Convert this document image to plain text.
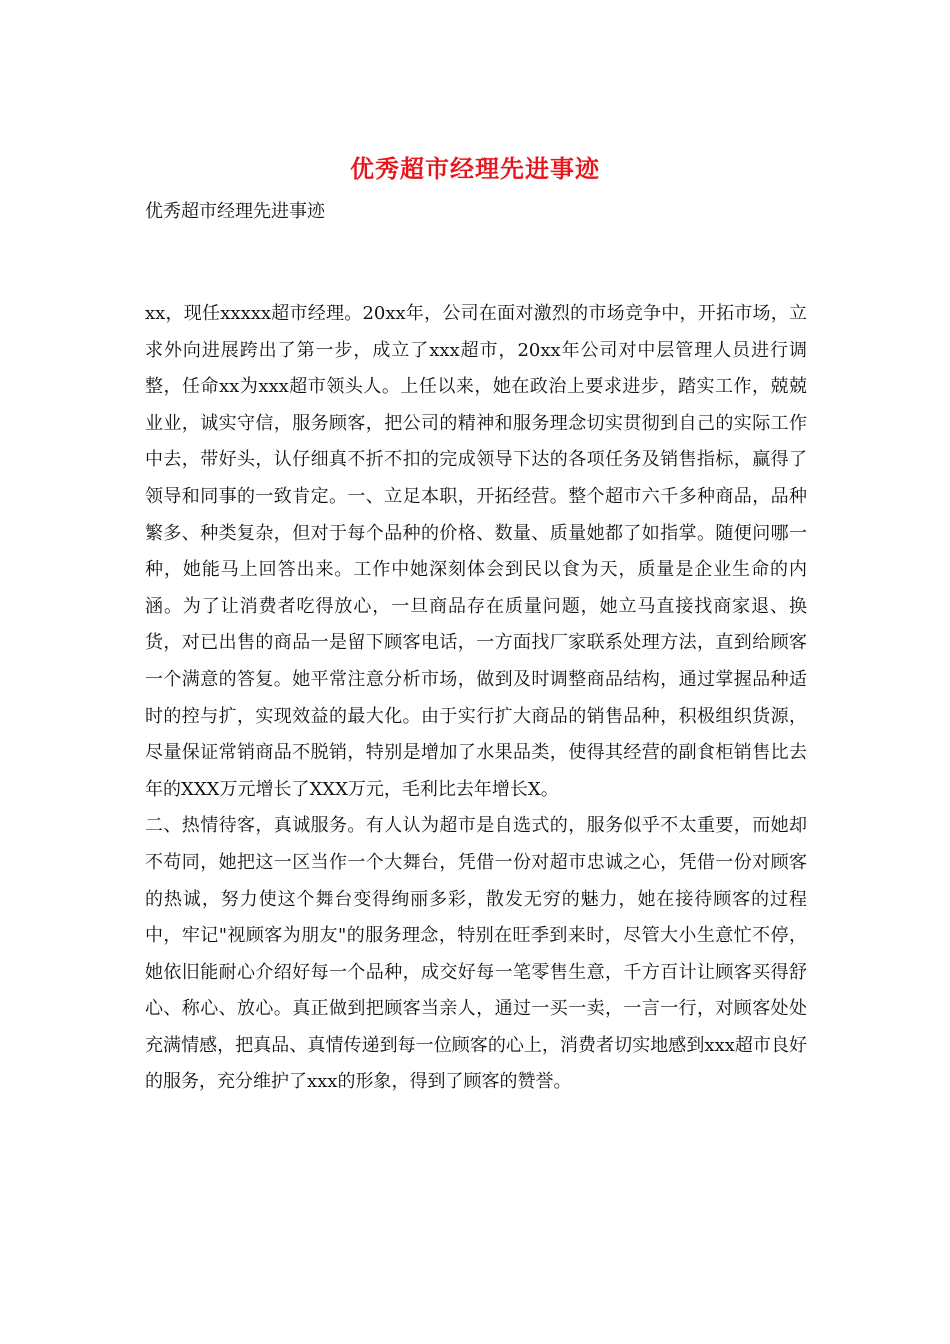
优秀超市经理先进事迹
优秀超市经理先进事迹

xx，现任xxxxx超市经理。20xx年，公司在面对激烈的市场竞争中，开拓市场，立求外向进展跨出了第一步，成立了xxx超市，20xx年公司对中层管理人员进行调整，任命xx为xxx超市领头人。上任以来，她在政治上要求进步，踏实工作，兢兢业业，诚实守信，服务顾客，把公司的精神和服务理念切实贯彻到自己的实际工作中去，带好头，认仔细真不折不扣的完成领导下达的各项任务及销售指标，赢得了领导和同事的一致肯定。一、立足本职，开拓经营。整个超市六千多种商品，品种繁多、种类复杂，但对于每个品种的价格、数量、质量她都了如指掌。随便问哪一种，她能马上回答出来。工作中她深刻体会到民以食为天，质量是企业生命的内涵。为了让消费者吃得放心，一旦商品存在质量问题，她立马直接找商家退、换货，对已出售的商品一是留下顾客电话，一方面找厂家联系处理方法，直到给顾客一个满意的答复。她平常注意分析市场，做到及时调整商品结构，通过掌握品种适时的控与扩，实现效益的最大化。由于实行扩大商品的销售品种，积极组织货源，尽量保证常销商品不脱销，特别是增加了水果品类，使得其经营的副食柜销售比去年的XXX万元增长了XXX万元，毛利比去年增长X。

二、热情待客，真诚服务。有人认为超市是自选式的，服务似乎不太重要，而她却不苟同，她把这一区当作一个大舞台，凭借一份对超市忠诚之心，凭借一份对顾客的热诚，努力使这个舞台变得绚丽多彩，散发无穷的魅力，她在接待顾客的过程中，牢记"视顾客为朋友"的服务理念，特别在旺季到来时，尽管大小生意忙不停，她依旧能耐心介绍好每一个品种，成交好每一笔零售生意，千方百计让顾客买得舒心、称心、放心。真正做到把顾客当亲人，通过一买一卖，一言一行，对顾客处处充满情感，把真品、真情传递到每一位顾客的心上，消费者切实地感到xxx超市良好的服务，充分维护了xxx的形象，得到了顾客的赞誉。
